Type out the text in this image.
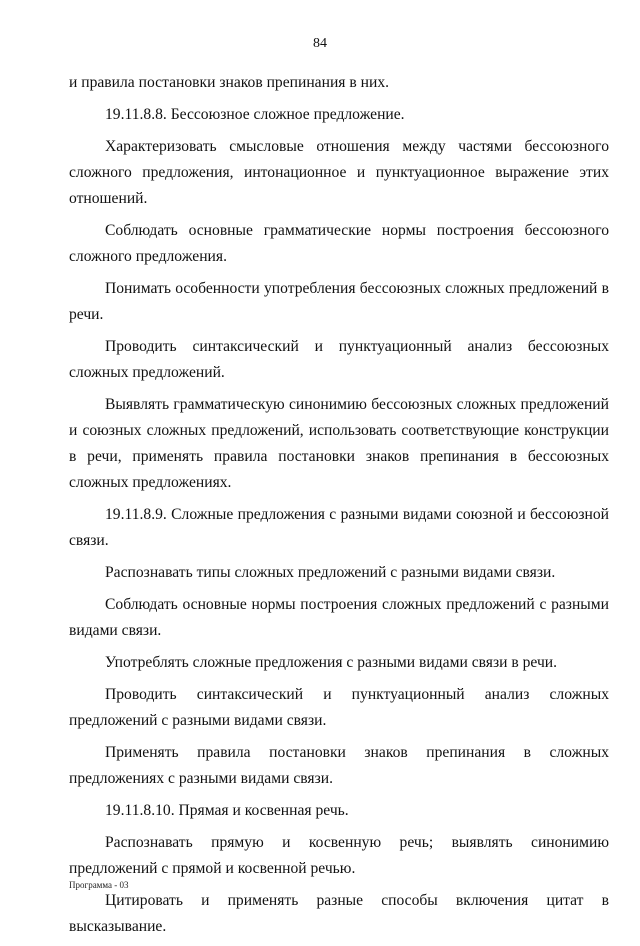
84

и правила постановки знаков препинания в них.

19.11.8.8. Бессоюзное сложное предложение.

Характеризовать смысловые отношения между частями бессоюзного сложного предложения, интонационное и пунктуационное выражение этих отношений.

Соблюдать основные грамматические нормы построения бессоюзного сложного предложения.

Понимать особенности употребления бессоюзных сложных предложений в речи.

Проводить синтаксический и пунктуационный анализ бессоюзных сложных предложений.

Выявлять грамматическую синонимию бессоюзных сложных предложений и союзных сложных предложений, использовать соответствующие конструкции в речи, применять правила постановки знаков препинания в бессоюзных сложных предложениях.

19.11.8.9. Сложные предложения с разными видами союзной и бессоюзной связи.

Распознавать типы сложных предложений с разными видами связи.

Соблюдать основные нормы построения сложных предложений с разными видами связи.

Употреблять сложные предложения с разными видами связи в речи.

Проводить синтаксический и пунктуационный анализ сложных предложений с разными видами связи.

Применять правила постановки знаков препинания в сложных предложениях с разными видами связи.

19.11.8.10. Прямая и косвенная речь.

Распознавать прямую и косвенную речь; выявлять синонимию предложений с прямой и косвенной речью.

Цитировать и применять разные способы включения цитат в высказывание.

Программа - 03
